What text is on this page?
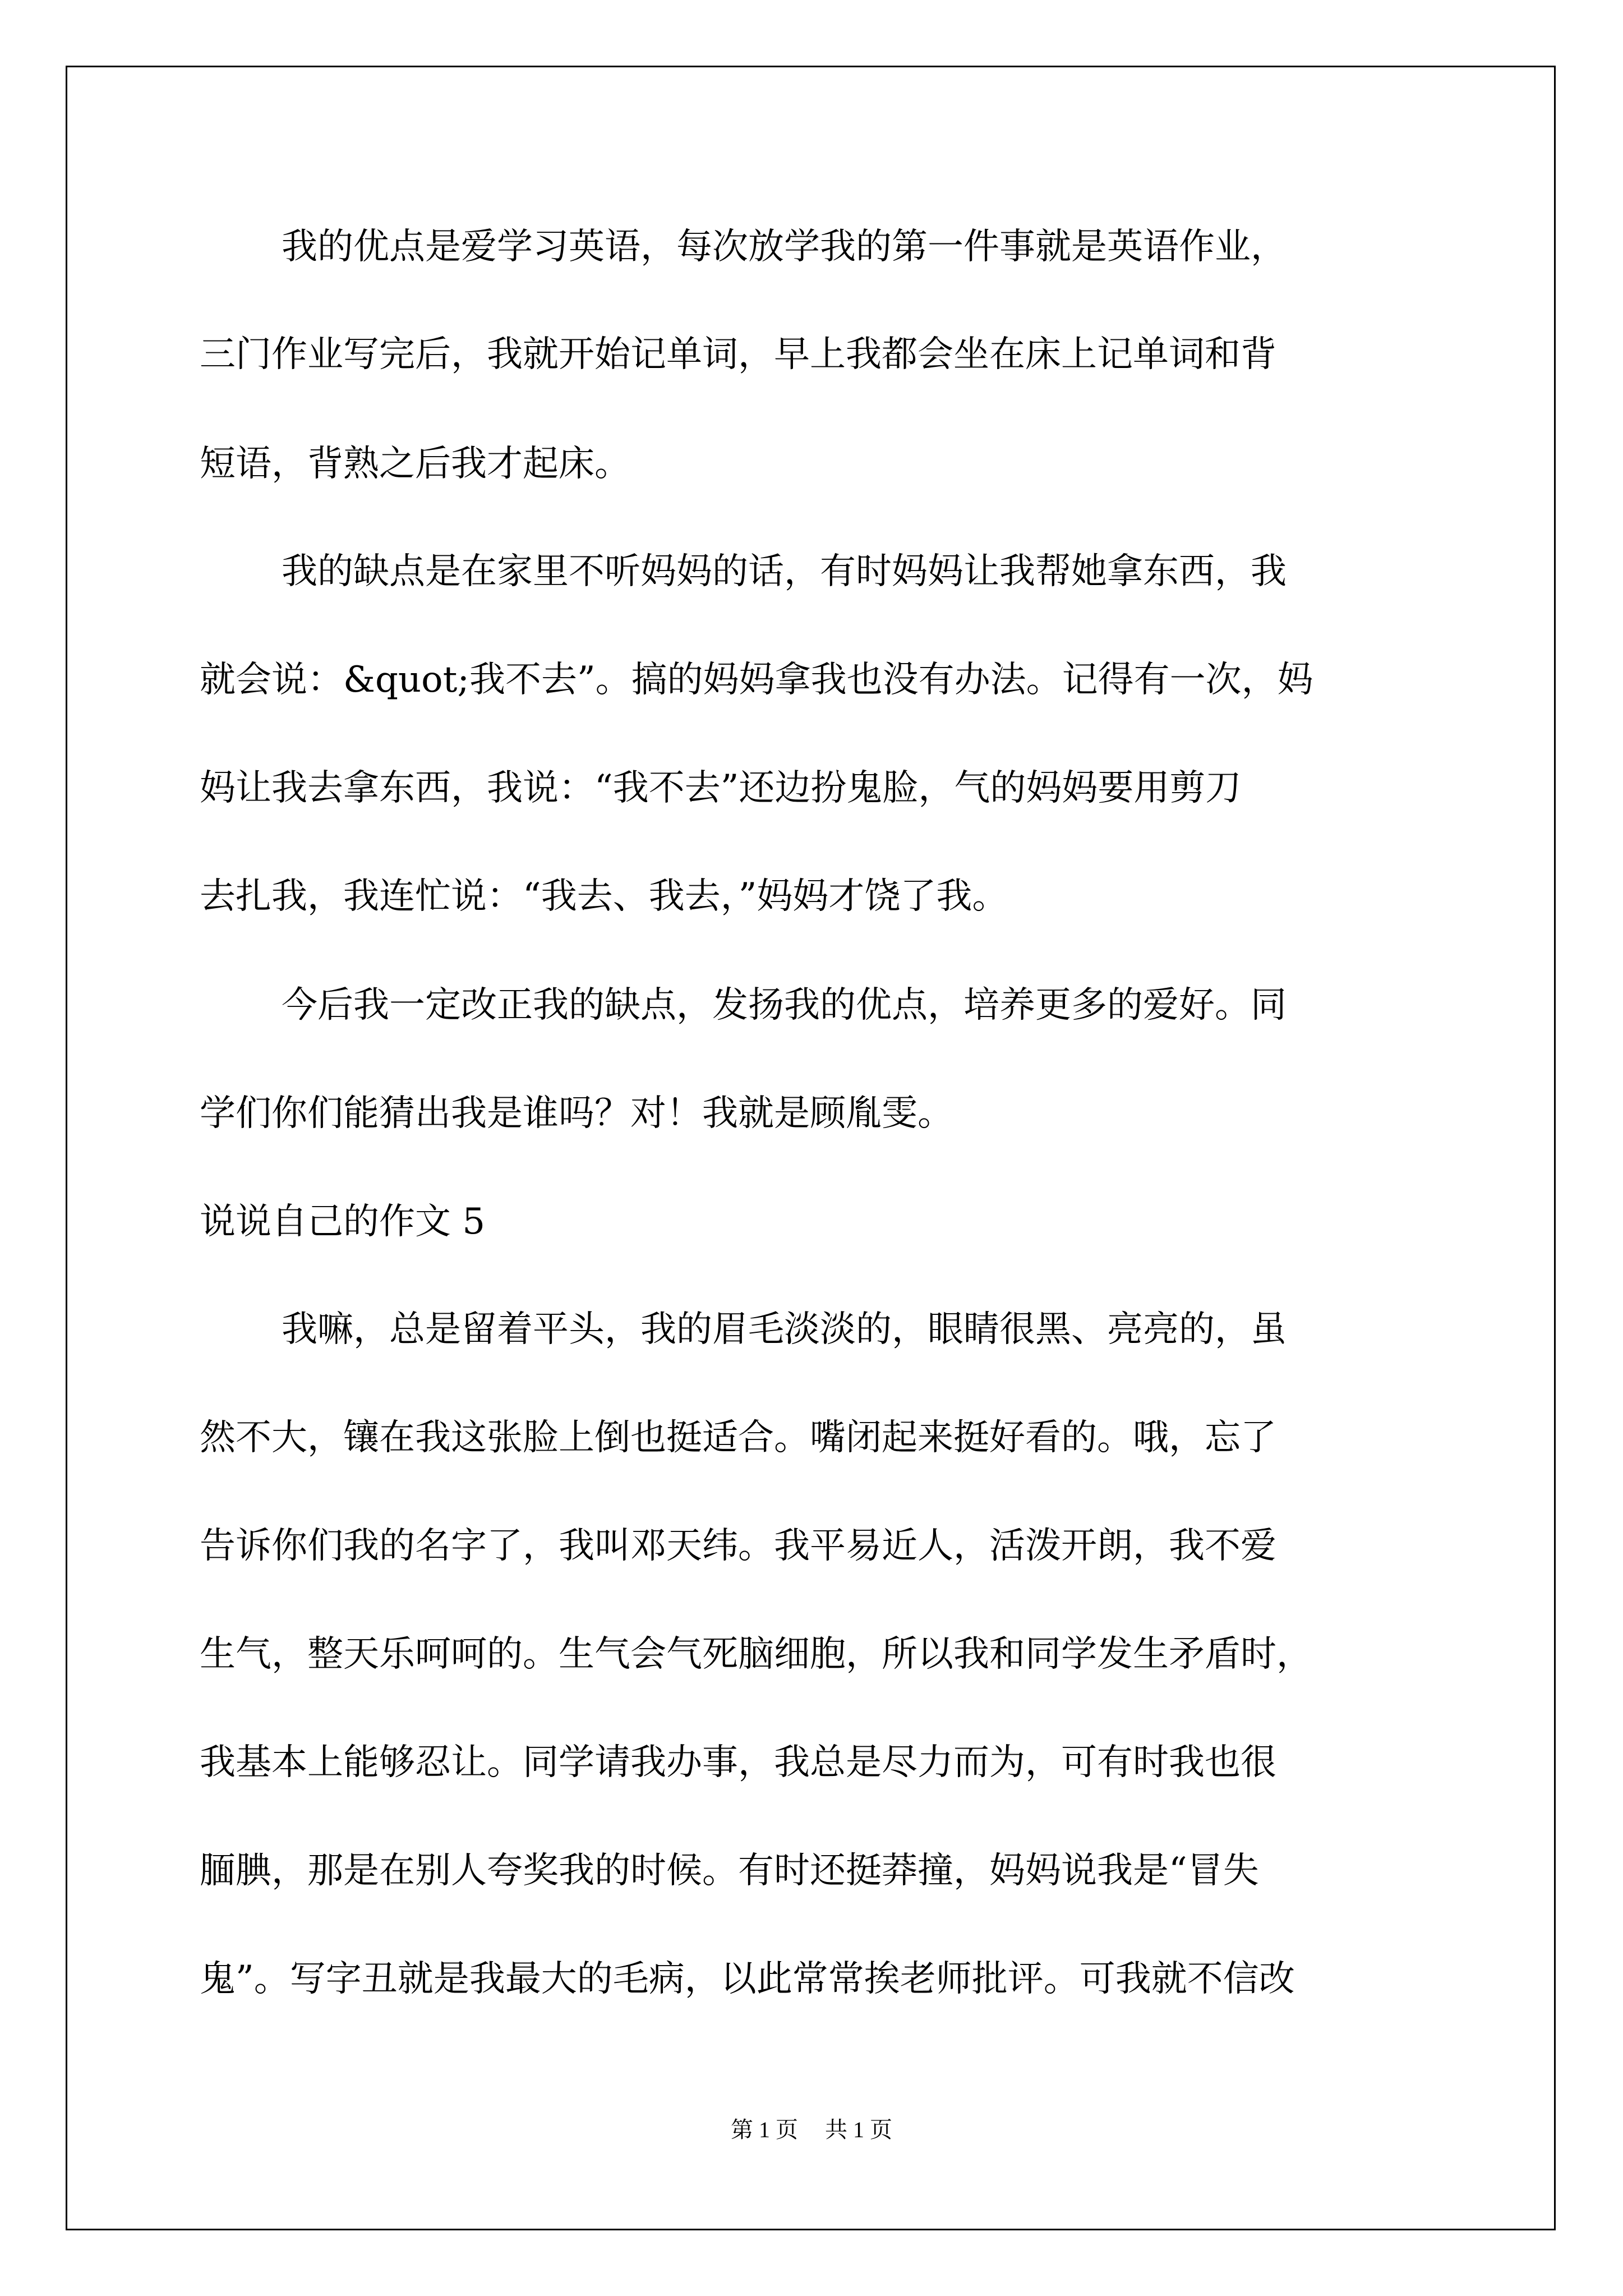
我的优点是爱学习英语，每次放学我的第一件事就是英语作业，
三门作业写完后，我就开始记单词，早上我都会坐在床上记单词和背
短语，背熟之后我才起床。
我的缺点是在家里不听妈妈的话，有时妈妈让我帮她拿东西，我
就会说：&quot;我不去”。搞的妈妈拿我也没有办法。记得有一次，妈
妈让我去拿东西，我说：“我不去”还边扮鬼脸，气的妈妈要用剪刀
去扎我，我连忙说：“我去、我去，”妈妈才饶了我。
今后我一定改正我的缺点，发扬我的优点，培养更多的爱好。同
学们你们能猜出我是谁吗？对！我就是顾胤雯。
说说自己的作文 5
我嘛，总是留着平头，我的眉毛淡淡的，眼睛很黑、亮亮的，虽
然不大，镶在我这张脸上倒也挺适合。嘴闭起来挺好看的。哦，忘了
告诉你们我的名字了，我叫邓天纬。我平易近人，活泼开朗，我不爱
生气，整天乐呵呵的。生气会气死脑细胞，所以我和同学发生矛盾时，
我基本上能够忍让。同学请我办事，我总是尽力而为，可有时我也很
腼腆，那是在别人夸奖我的时候。有时还挺莽撞，妈妈说我是“冒失
鬼”。写字丑就是我最大的毛病，以此常常挨老师批评。可我就不信改
第 1 页 共 1 页
